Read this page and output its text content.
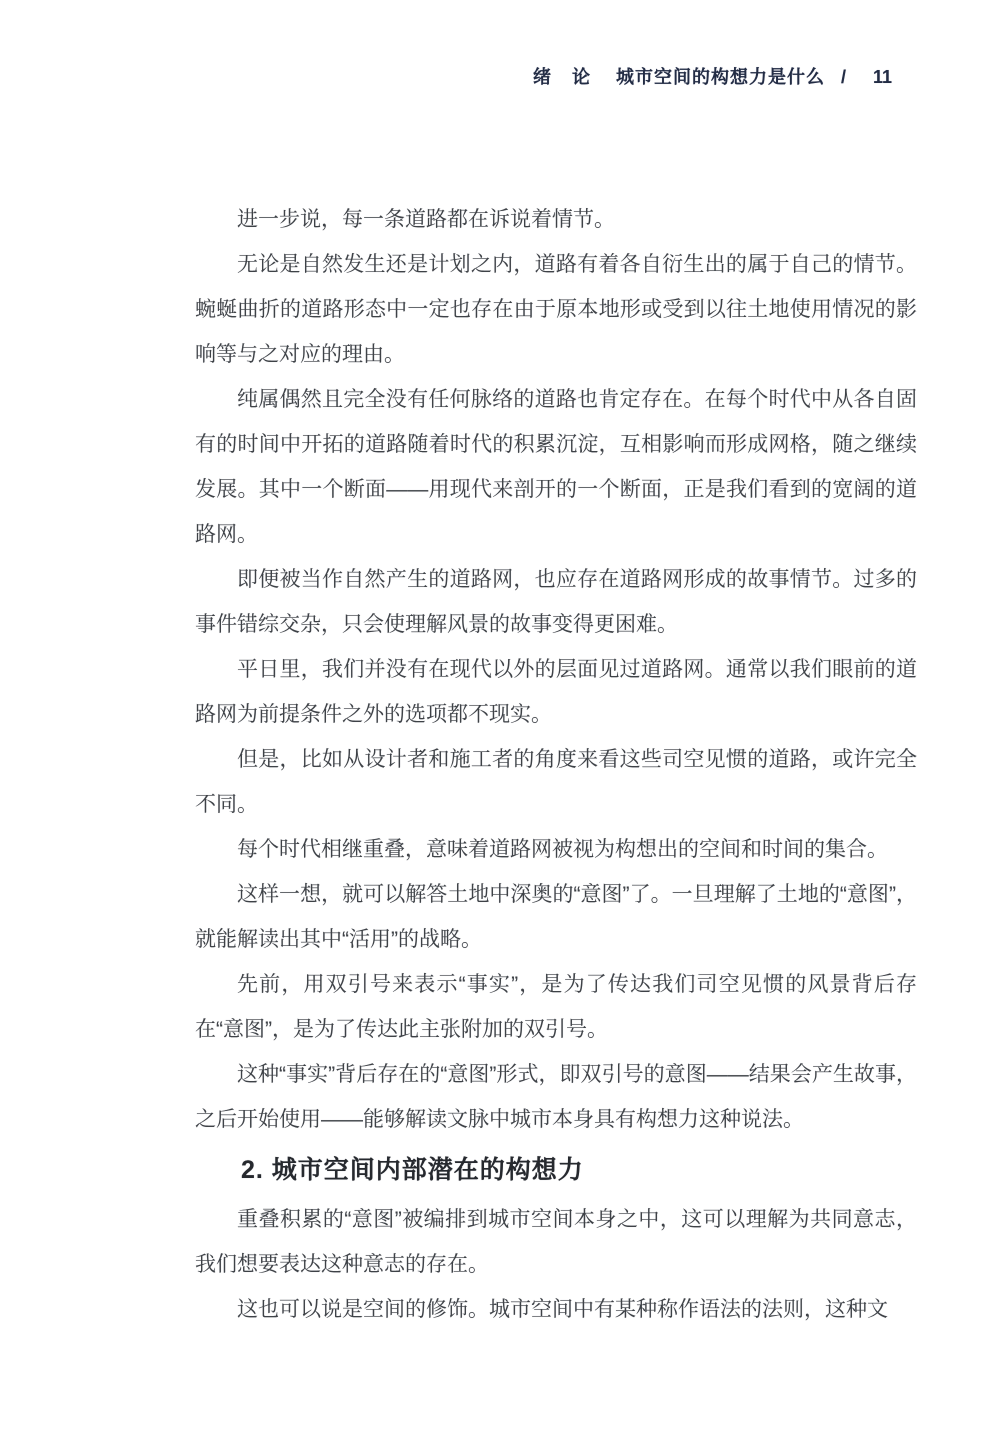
绪 论 城市空间的构想力是什么 / 11

进一步说，每一条道路都在诉说着情节。

无论是自然发生还是计划之内，道路有着各自衍生出的属于自己的情节。蜿蜒曲折的道路形态中一定也存在由于原本地形或受到以往土地使用情况的影响等与之对应的理由。

纯属偶然且完全没有任何脉络的道路也肯定存在。在每个时代中从各自固有的时间中开拓的道路随着时代的积累沉淀，互相影响而形成网格，随之继续发展。其中一个断面——用现代来剖开的一个断面，正是我们看到的宽阔的道路网。

即便被当作自然产生的道路网，也应存在道路网形成的故事情节。过多的事件错综交杂，只会使理解风景的故事变得更困难。

平日里，我们并没有在现代以外的层面见过道路网。通常以我们眼前的道路网为前提条件之外的选项都不现实。

但是，比如从设计者和施工者的角度来看这些司空见惯的道路，或许完全不同。

每个时代相继重叠，意味着道路网被视为构想出的空间和时间的集合。

这样一想，就可以解答土地中深奥的“意图”了。一旦理解了土地的“意图”，就能解读出其中“活用”的战略。

先前，用双引号来表示“事实”，是为了传达我们司空见惯的风景背后存在“意图”，是为了传达此主张附加的双引号。

这种“事实”背后存在的“意图”形式，即双引号的意图——结果会产生故事，之后开始使用——能够解读文脉中城市本身具有构想力这种说法。

2. 城市空间内部潜在的构想力

重叠积累的“意图”被编排到城市空间本身之中，这可以理解为共同意志，我们想要表达这种意志的存在。

这也可以说是空间的修饰。城市空间中有某种称作语法的法则，这种文
